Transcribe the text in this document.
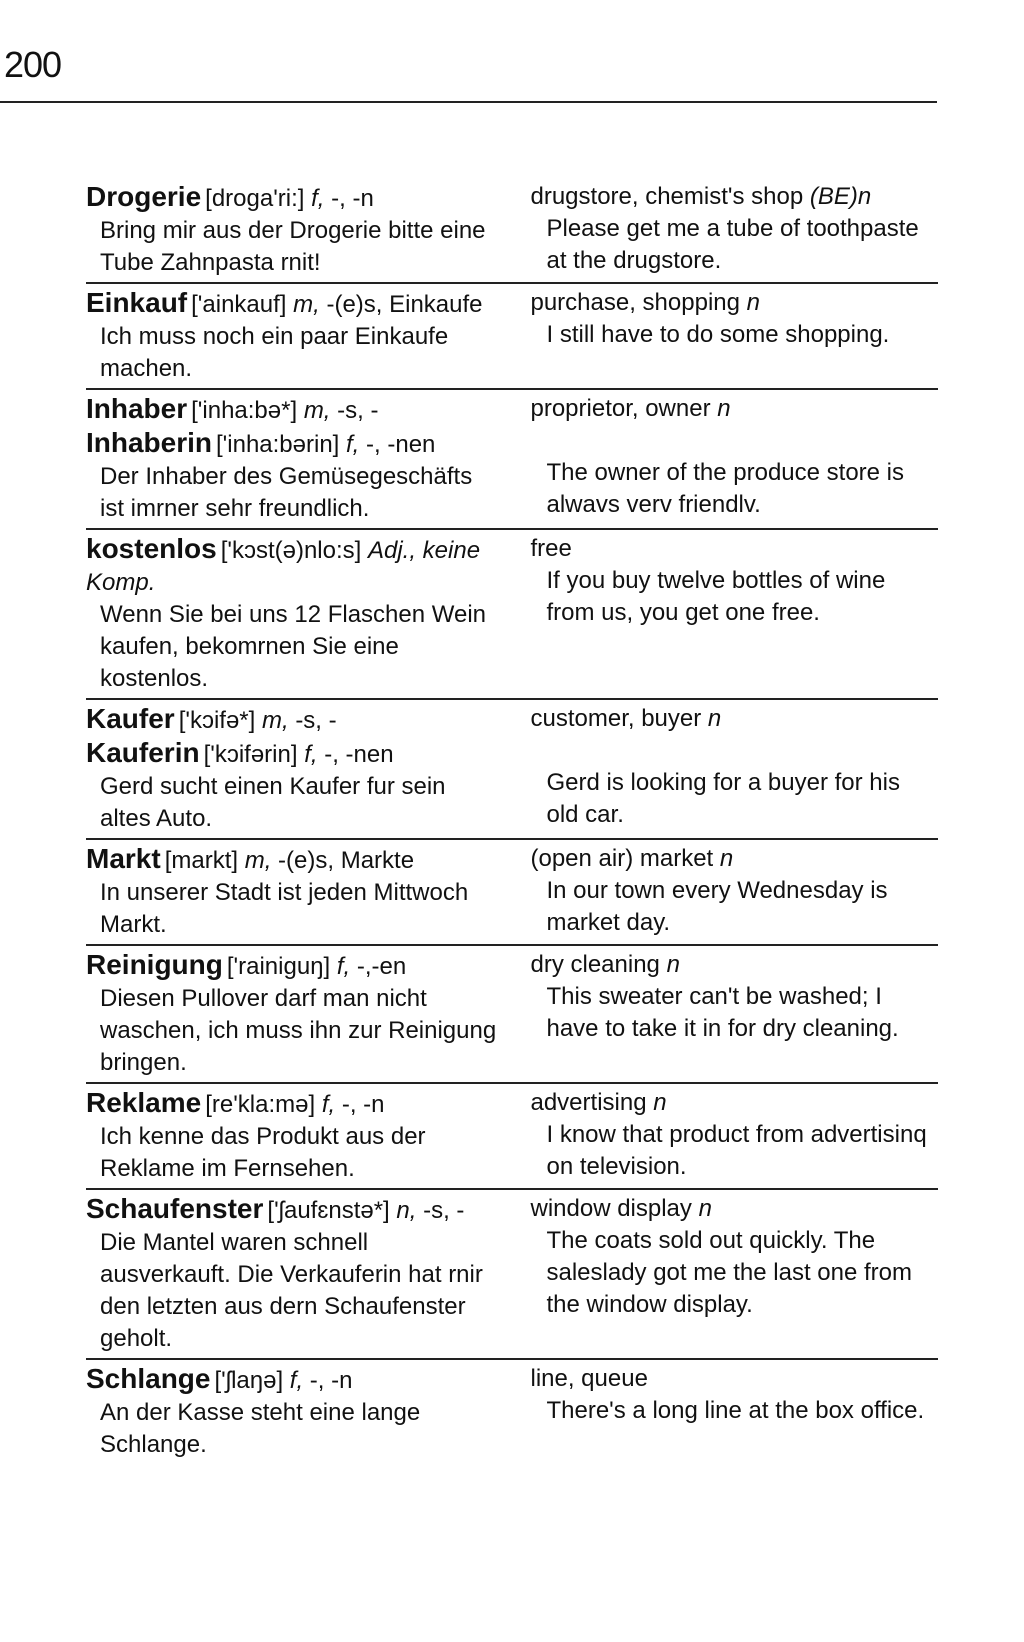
200

Drogerie [droga'ri:] f, -, -n

Bring mir aus der Drogerie bitte eine Tube Zahnpasta rnit!
drugstore, chemist's shop (BE)n
Please get me a tube of toothpaste at the drugstore.

Einkauf ['ainkauf] m, -(e)s, Einkaufe

Ich muss noch ein paar Einkaufe machen.
purchase, shopping n
I still have to do some shopping.

Inhaber ['inha:bə*] m, -s, -

Inhaberin ['inha:bərin] f, -, -nen

Der Inhaber des Gemüsegeschäfts ist imrner sehr freundlich.
proprietor, owner n
The owner of the produce store is alwavs verv friendlv.

kostenlos ['kɔst(ə)nlo:s] Adj., keine Komp.

Wenn Sie bei uns 12 Flaschen Wein kaufen, bekomrnen Sie eine kostenlos.
free
If you buy twelve bottles of wine from us, you get one free.

Kaufer ['kɔifə*] m, -s, -

Kauferin ['kɔifərin] f, -, -nen

Gerd sucht einen Kaufer fur sein altes Auto.
customer, buyer n
Gerd is looking for a buyer for his old car.

Markt [markt] m, -(e)s, Markte

In unserer Stadt ist jeden Mittwoch Markt.
(open air) market n
In our town every Wednesday is market day.

Reinigung ['rainiguŋ] f, -,-en

Diesen Pullover darf man nicht waschen, ich muss ihn zur Reinigung bringen.
dry cleaning n
This sweater can't be washed; I have to take it in for dry cleaning.

Reklame [re'kla:mə] f, -, -n

Ich kenne das Produkt aus der Reklame im Fernsehen.
advertising n
I know that product from advertisinq on television.

Schaufenster ['ʃaufɛnstə*] n, -s, -

Die Mantel waren schnell ausverkauft. Die Verkauferin hat rnir den letzten aus dern Schaufenster geholt.
window display n
The coats sold out quickly. The saleslady got me the last one from the window display.

Schlange ['ʃlaŋə] f, -, -n

An der Kasse steht eine lange Schlange.
line, queue
There's a long line at the box office.
